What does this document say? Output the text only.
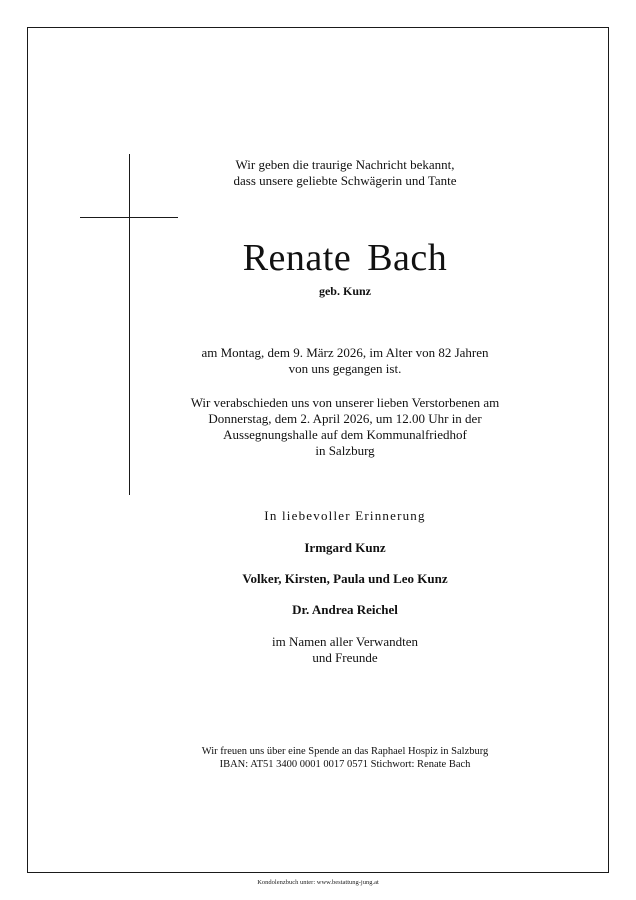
Wir geben die traurige Nachricht bekannt,
dass unsere geliebte Schwägerin und Tante
Renate Bach
geb. Kunz
am Montag, dem 9. März 2026, im Alter von 82 Jahren
von uns gegangen ist.
Wir verabschieden uns von unserer lieben Verstorbenen am
Donnerstag, dem 2. April 2026, um 12.00 Uhr in der
Aussegnungshalle auf dem Kommunalfriedhof
in Salzburg
In liebevoller Erinnerung
Irmgard Kunz
Volker, Kirsten, Paula und Leo Kunz
Dr. Andrea Reichel
im Namen aller Verwandten
und Freunde
Wir freuen uns über eine Spende an das Raphael Hospiz in Salzburg
IBAN: AT51 3400 0001 0017 0571 Stichwort: Renate Bach
Kondolenzbuch unter: www.bestattung-jung.at
